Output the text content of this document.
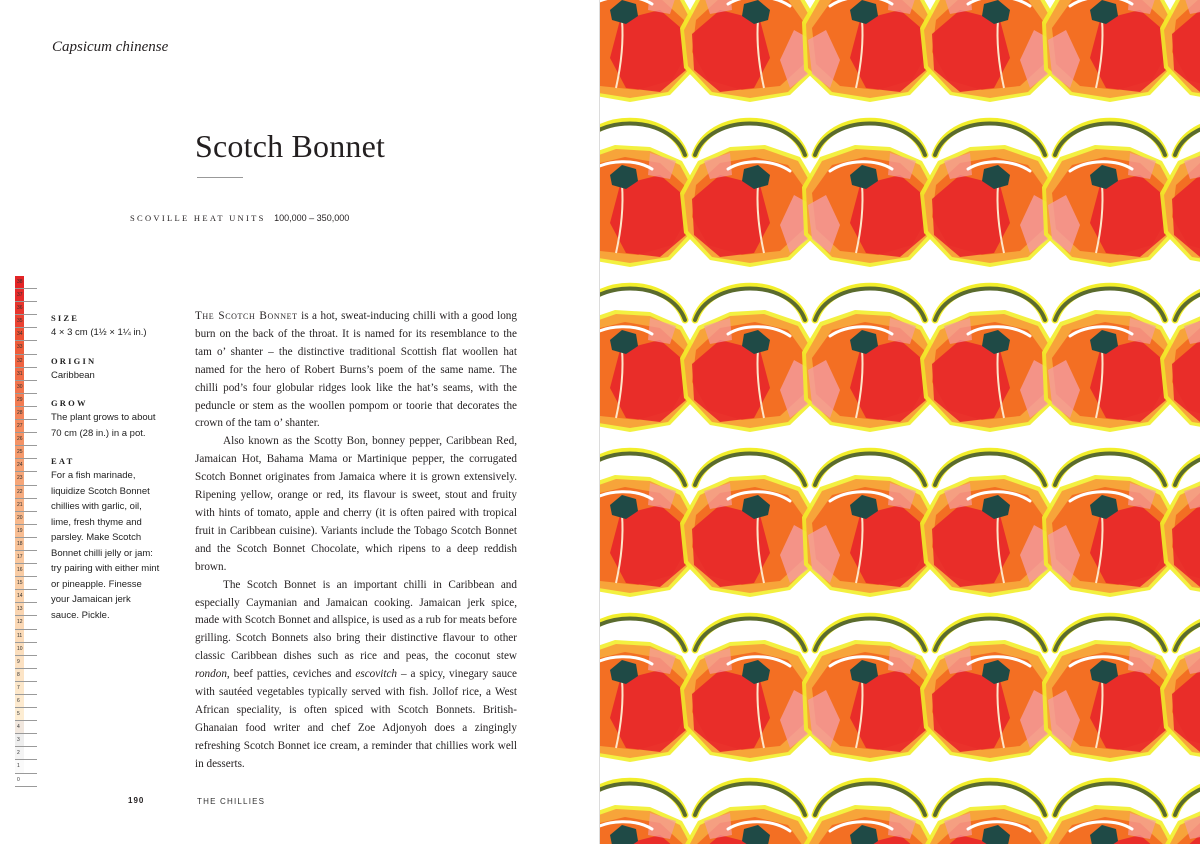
Capsicum chinense
Scotch Bonnet
SCOVILLE HEAT UNITS 100,000 – 350,000
38
37
36
35
34
33
32
31
30
29
28
27
26
25
24
23
22
21
20
19
18
17
16
15
14
13
12
11
10
9
8
7
6
5
4
3
2
1
0
SIZE
4 × 3 cm (1½ × 1¼ in.)
ORIGIN
Caribbean
GROW
The plant grows to about 70 cm (28 in.) in a pot.
EAT
For a fish marinade, liquidize Scotch Bonnet chillies with garlic, oil, lime, fresh thyme and parsley. Make Scotch Bonnet chilli jelly or jam: try pairing with either mint or pineapple. Finesse your Jamaican jerk sauce. Pickle.

The Scotch Bonnet is a hot, sweat-inducing chilli with a good long burn on the back of the throat. It is named for its resemblance to the tam o’ shanter – the distinctive traditional Scottish flat woollen hat named for the hero of Robert Burns’s poem of the same name. The chilli pod’s four globular ridges look like the hat’s seams, with the peduncle or stem as the woollen pompom or toorie that decorates the crown of the tam o’ shanter.

Also known as the Scotty Bon, bonney pepper, Caribbean Red, Jamaican Hot, Bahama Mama or Martinique pepper, the corrugated Scotch Bonnet originates from Jamaica where it is grown extensively. Ripening yellow, orange or red, its flavour is sweet, stout and fruity with hints of tomato, apple and cherry (it is often paired with tropical fruit in Caribbean cuisine). Variants include the Tobago Scotch Bonnet and the Scotch Bonnet Chocolate, which ripens to a deep reddish brown.

The Scotch Bonnet is an important chilli in Caribbean and especially Caymanian and Jamaican cooking. Jamaican jerk spice, made with Scotch Bonnet and allspice, is used as a rub for meats before grilling. Scotch Bonnets also bring their distinctive flavour to other classic Caribbean dishes such as rice and peas, the coconut stew rondon, beef patties, ceviches and escovitch – a spicy, vinegary sauce with sautéed vegetables typically served with fish. Jollof rice, a West African speciality, is often spiced with Scotch Bonnets. British-Ghanaian food writer and chef Zoe Adjonyoh does a zingingly refreshing Scotch Bonnet ice cream, a reminder that chillies work well in desserts.

190	THE CHILLIES
